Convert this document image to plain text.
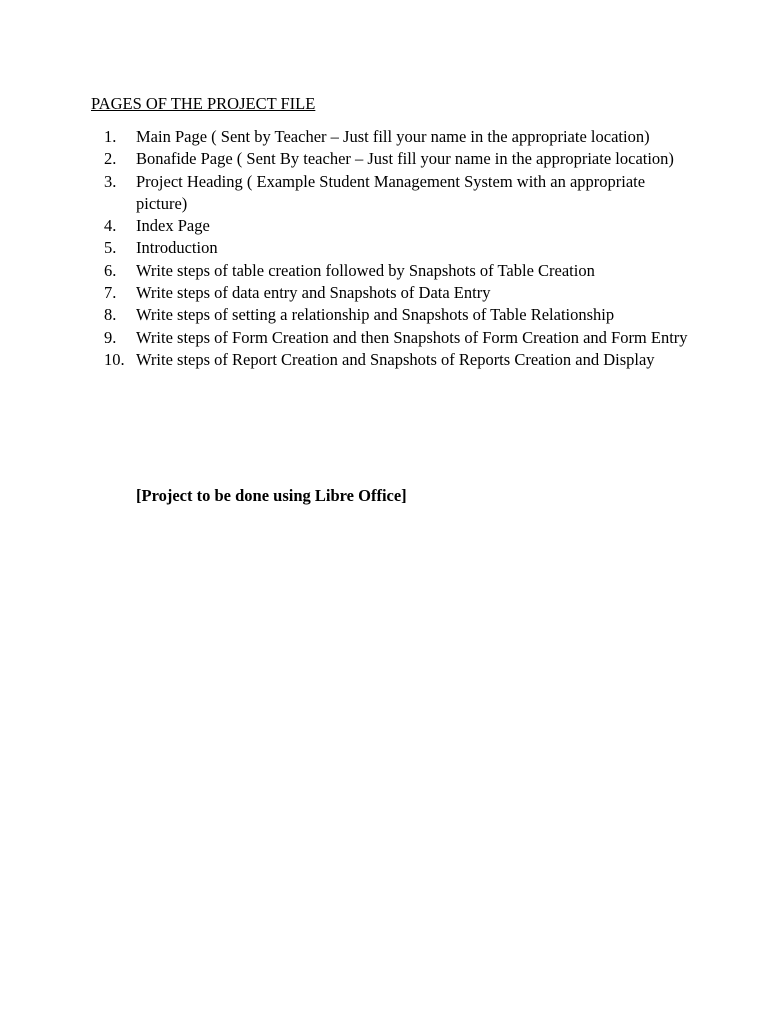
PAGES OF THE PROJECT FILE
1.	Main Page ( Sent by Teacher – Just fill your name in the appropriate location)
2.	Bonafide Page ( Sent By teacher – Just fill your name in the appropriate location)
3.	Project Heading ( Example Student Management System with an appropriate picture)
4.	Index Page
5.	Introduction
6.	Write steps of table creation followed by Snapshots of Table Creation
7.	Write steps of data entry and Snapshots of Data Entry
8.	Write steps of setting a relationship and Snapshots of Table Relationship
9.	Write steps of Form Creation and then Snapshots of Form Creation and Form Entry
10. Write steps of Report Creation and Snapshots of Reports Creation and Display

[Project to be done using Libre Office]
